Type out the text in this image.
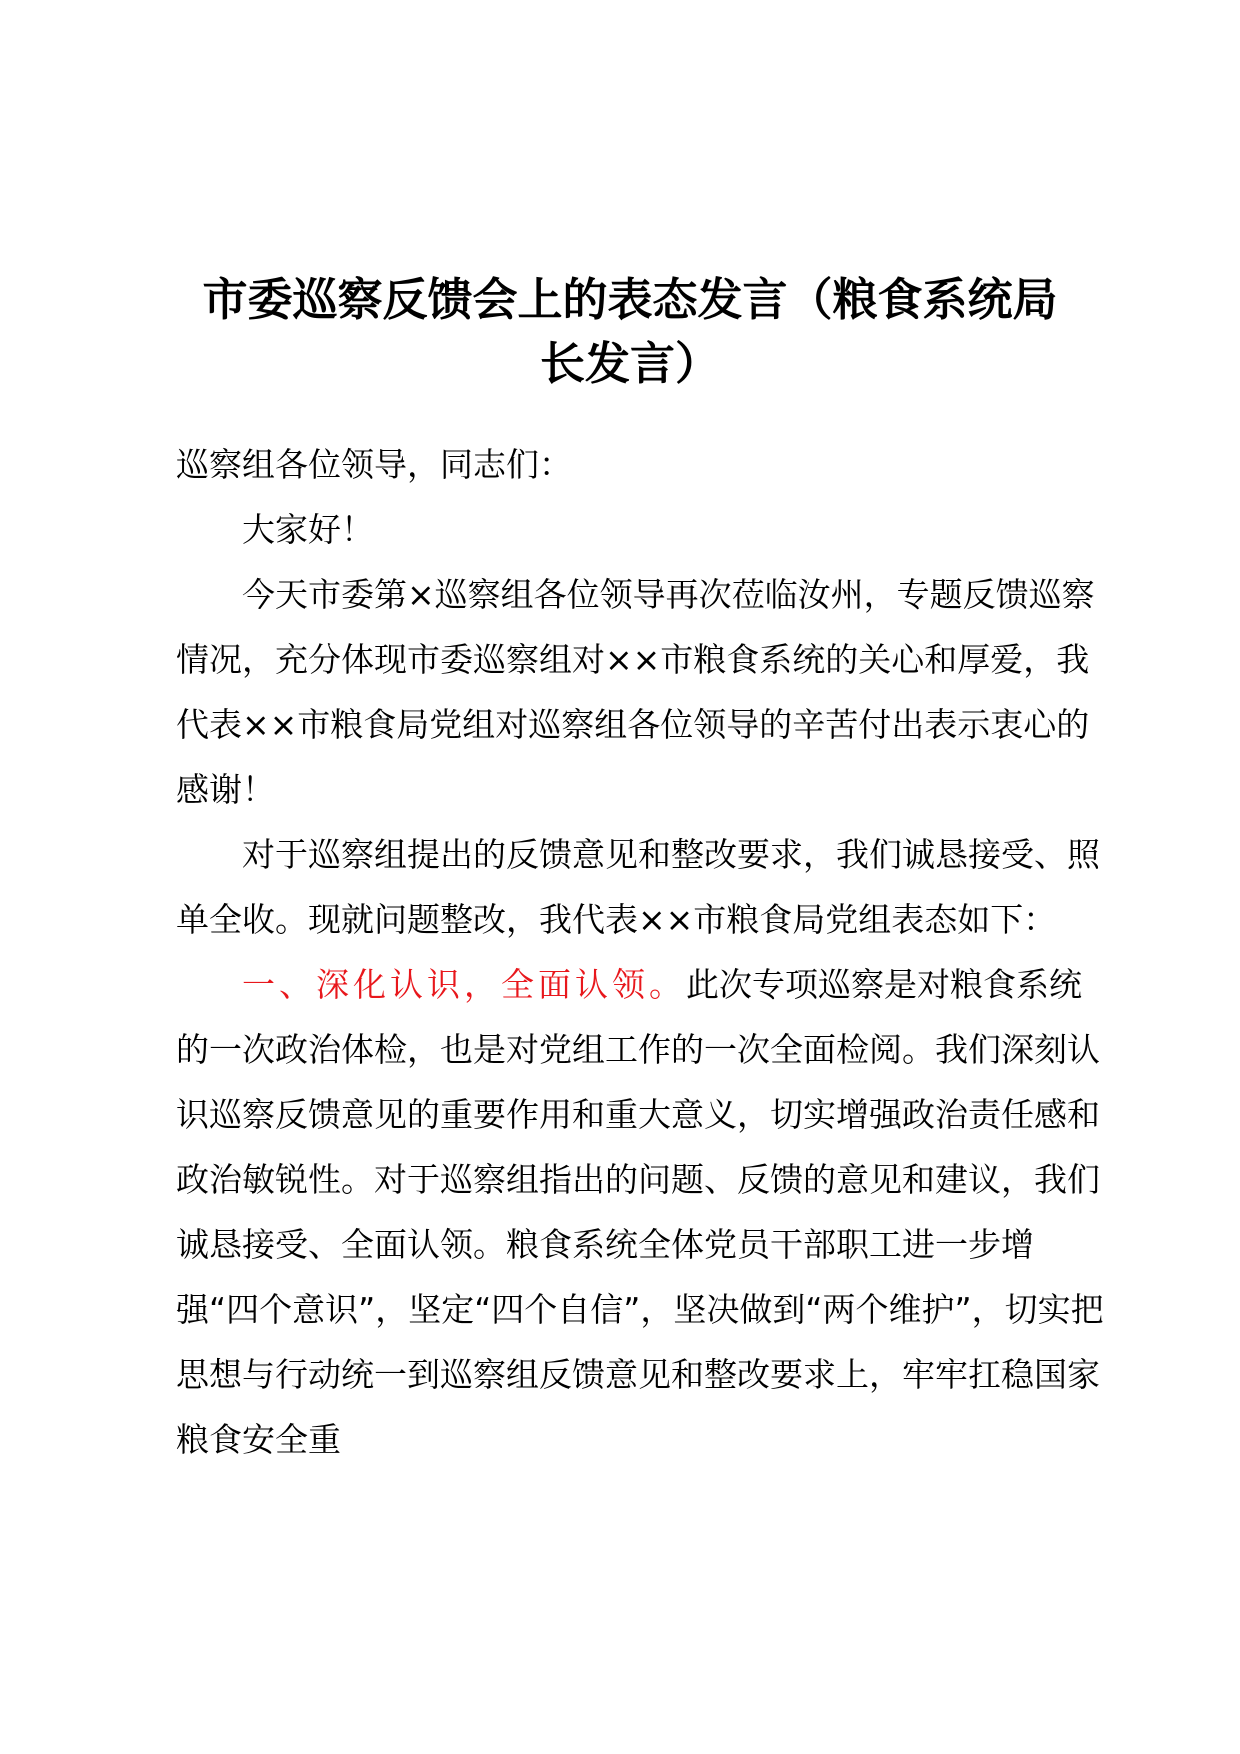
市委巡察反馈会上的表态发言（粮食系统局
长发言）

巡察组各位领导，同志们：

大家好！

今天市委第×巡察组各位领导再次莅临汝州，专题反馈巡察情况，充分体现市委巡察组对××市粮食系统的关心和厚爱，我代表××市粮食局党组对巡察组各位领导的辛苦付出表示衷心的感谢！

对于巡察组提出的反馈意见和整改要求，我们诚恳接受、照单全收。现就问题整改，我代表××市粮食局党组表态如下：

一、深化认识，全面认领。此次专项巡察是对粮食系统的一次政治体检，也是对党组工作的一次全面检阅。我们深刻认识巡察反馈意见的重要作用和重大意义，切实增强政治责任感和政治敏锐性。对于巡察组指出的问题、反馈的意见和建议，我们诚恳接受、全面认领。粮食系统全体党员干部职工进一步增强“四个意识”，坚定“四个自信”，坚决做到“两个维护”，切实把思想与行动统一到巡察组反馈意见和整改要求上，牢牢扛稳国家粮食安全重
